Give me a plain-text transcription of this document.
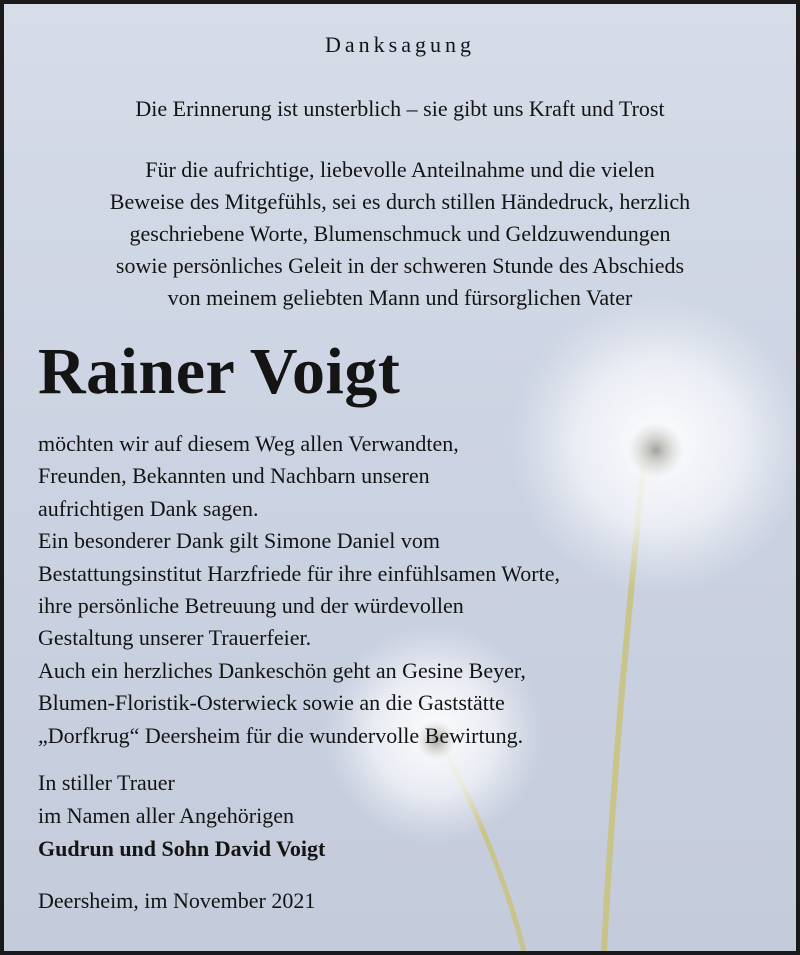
Danksagung
Die Erinnerung ist unsterblich – sie gibt uns Kraft und Trost
Für die aufrichtige, liebevolle Anteilnahme und die vielen
Beweise des Mitgefühls, sei es durch stillen Händedruck, herzlich
geschriebene Worte, Blumenschmuck und Geldzuwendungen
sowie persönliches Geleit in der schweren Stunde des Abschieds
von meinem geliebten Mann und fürsorglichen Vater
Rainer Voigt
möchten wir auf diesem Weg allen Verwandten,
Freunden, Bekannten und Nachbarn unseren
aufrichtigen Dank sagen.
Ein besonderer Dank gilt Simone Daniel vom
Bestattungsinstitut Harzfriede für ihre einfühlsamen Worte,
ihre persönliche Betreuung und der würdevollen
Gestaltung unserer Trauerfeier.
Auch ein herzliches Dankeschön geht an Gesine Beyer,
Blumen-Floristik-Osterwieck sowie an die Gaststätte
„Dorfkrug“ Deersheim für die wundervolle Bewirtung.
In stiller Trauer
im Namen aller Angehörigen
Gudrun und Sohn David Voigt
Deersheim, im November 2021
